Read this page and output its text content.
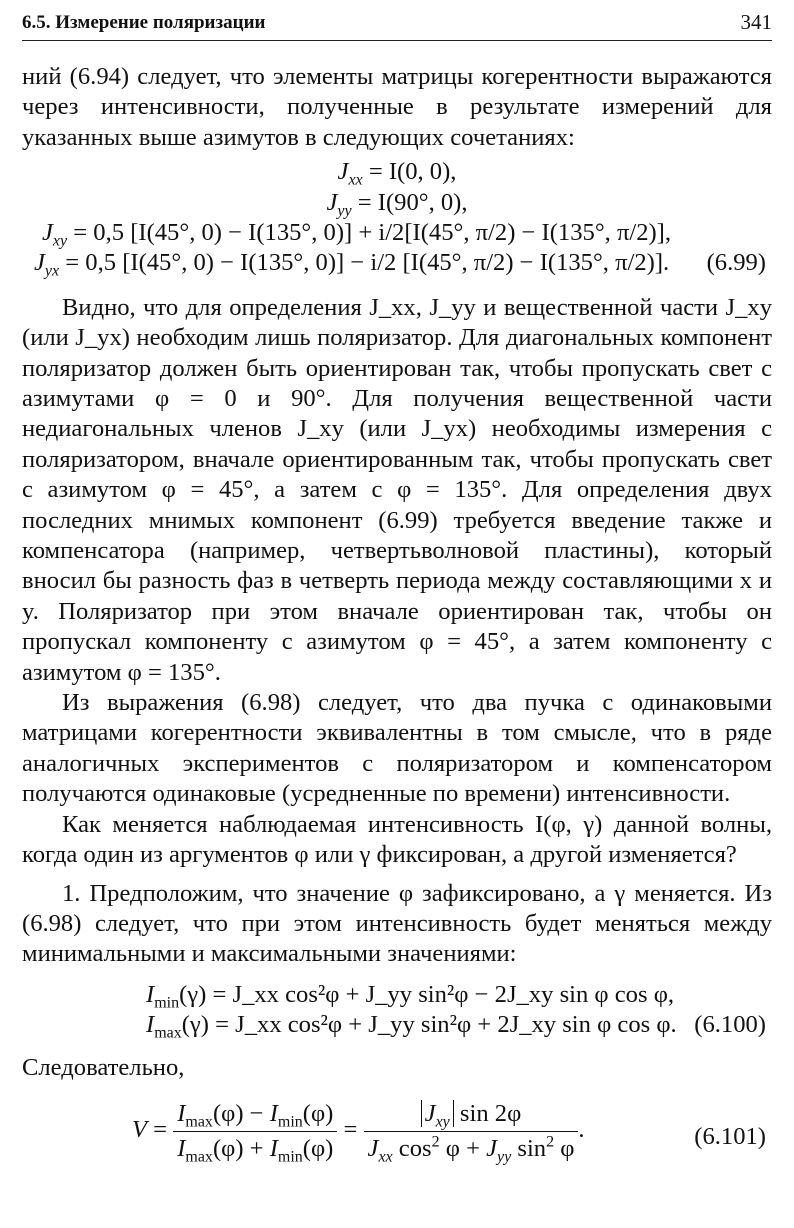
6.5. Измерение поляризации	341

ний (6.94) следует, что элементы матрицы когерентности выражаются через интенсивности, полученные в результате измерений для указанных выше азимутов в следующих сочетаниях:

$J_{xx} = I(0$, 0),
$J_{yy} = I(90^\circ$, 0),
$J_{xy} = 0,5$ [I(45°, 0) − I(135°, 0)] + i/2[I(45°, π/2) − I(135°, π/2)],
$J_{yx} = 0,5$ [I(45°, 0) − I(135°, 0)] − i/2 [I(45°, π/2) − I(135°, π/2)].	(6.99)

Видно, что для определения J_xx, J_yy и вещественной части J_xy (или J_yx) необходим лишь поляризатор. Для диагональных компонент поляризатор должен быть ориентирован так, чтобы пропускать свет с азимутами φ = 0 и 90°. Для получения вещественной части недиагональных членов J_xy (или J_yx) необходимы измерения с поляризатором, вначале ориентированным так, чтобы пропускать свет с азимутом φ = 45°, а затем с φ = 135°. Для определения двух последних мнимых компонент (6.99) требуется введение также и компенсатора (например, четвертьволновой пластины), который вносил бы разность фаз в четверть периода между составляющими x и y. Поляризатор при этом вначале ориентирован так, чтобы он пропускал компоненту с азимутом φ = 45°, а затем компоненту с азимутом φ = 135°.

Из выражения (6.98) следует, что два пучка с одинаковыми матрицами когерентности эквивалентны в том смысле, что в ряде аналогичных экспериментов с поляризатором и компенсатором получаются одинаковые (усредненные по времени) интенсивности.

Как меняется наблюдаемая интенсивность I(φ, γ) данной волны, когда один из аргументов φ или γ фиксирован, а другой изменяется?

1. Предположим, что значение φ зафиксировано, а γ меняется. Из (6.98) следует, что при этом интенсивность будет меняться между минимальными и максимальными значениями:

$I_{min}(\gamma)$ = J_xx cos²φ + J_yy sin²φ − 2J_xy sin φ cos φ,
$I_{max}(\gamma)$ = J_xx cos²φ + J_yy sin²φ + 2J_xy sin φ cos φ. (6.100)

Следовательно,

$V = \frac{I_{max}(\varphi) - I_{min}(\varphi)}{I_{max}(\varphi) + I_{min}(\varphi)} = \frac{J_{xy} \sin 2\varphi}{J_{xx} \cos^2 \varphi + J_{yy} \sin^2 \varphi}$ .	(6.101)
